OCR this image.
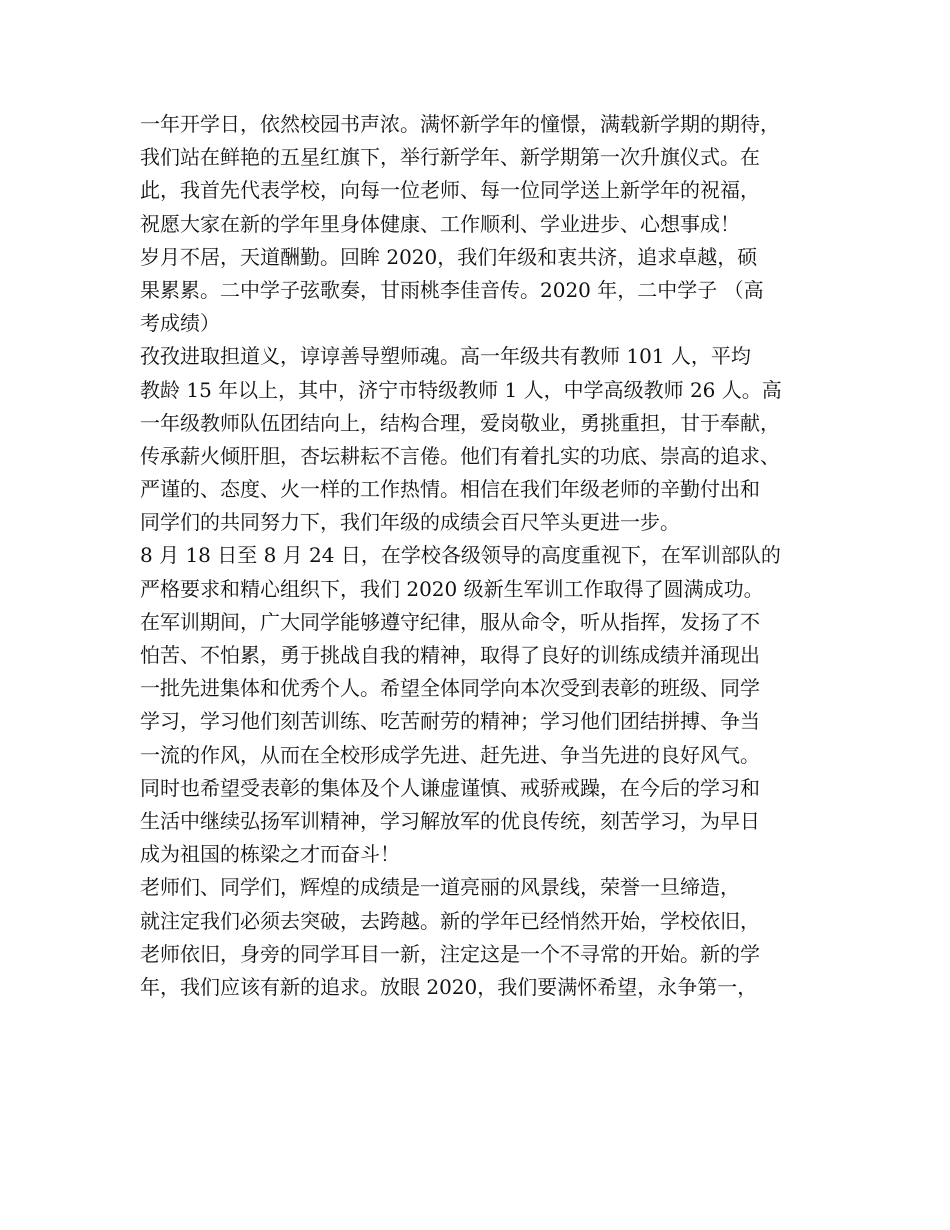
一年开学日，依然校园书声浓。满怀新学年的憧憬，满载新学期的期待，
我们站在鲜艳的五星红旗下，举行新学年、新学期第一次升旗仪式。在
此，我首先代表学校，向每一位老师、每一位同学送上新学年的祝福，
祝愿大家在新的学年里身体健康、工作顺利、学业进步、心想事成！
岁月不居，天道酬勤。回眸 2020，我们年级和衷共济，追求卓越，硕
果累累。二中学子弦歌奏，甘雨桃李佳音传。2020 年，二中学子 （高
考成绩）
孜孜进取担道义，谆谆善导塑师魂。高一年级共有教师 101 人，平均
教龄 15 年以上，其中，济宁市特级教师 1 人，中学高级教师 26 人。高
一年级教师队伍团结向上，结构合理，爱岗敬业，勇挑重担，甘于奉献，
传承薪火倾肝胆，杏坛耕耘不言倦。他们有着扎实的功底、崇高的追求、
严谨的、态度、火一样的工作热情。相信在我们年级老师的辛勤付出和
同学们的共同努力下，我们年级的成绩会百尺竿头更进一步。
8 月 18 日至 8 月 24 日，在学校各级领导的高度重视下，在军训部队的
严格要求和精心组织下，我们 2020 级新生军训工作取得了圆满成功。
在军训期间，广大同学能够遵守纪律，服从命令，听从指挥，发扬了不
怕苦、不怕累，勇于挑战自我的精神，取得了良好的训练成绩并涌现出
一批先进集体和优秀个人。希望全体同学向本次受到表彰的班级、同学
学习，学习他们刻苦训练、吃苦耐劳的精神；学习他们团结拼搏、争当
一流的作风，从而在全校形成学先进、赶先进、争当先进的良好风气。
同时也希望受表彰的集体及个人谦虚谨慎、戒骄戒躁，在今后的学习和
生活中继续弘扬军训精神，学习解放军的优良传统，刻苦学习，为早日
成为祖国的栋梁之才而奋斗！
老师们、同学们，辉煌的成绩是一道亮丽的风景线，荣誉一旦缔造，
就注定我们必须去突破，去跨越。新的学年已经悄然开始，学校依旧，
老师依旧，身旁的同学耳目一新，注定这是一个不寻常的开始。新的学
年，我们应该有新的追求。放眼 2020，我们要满怀希望，永争第一，
